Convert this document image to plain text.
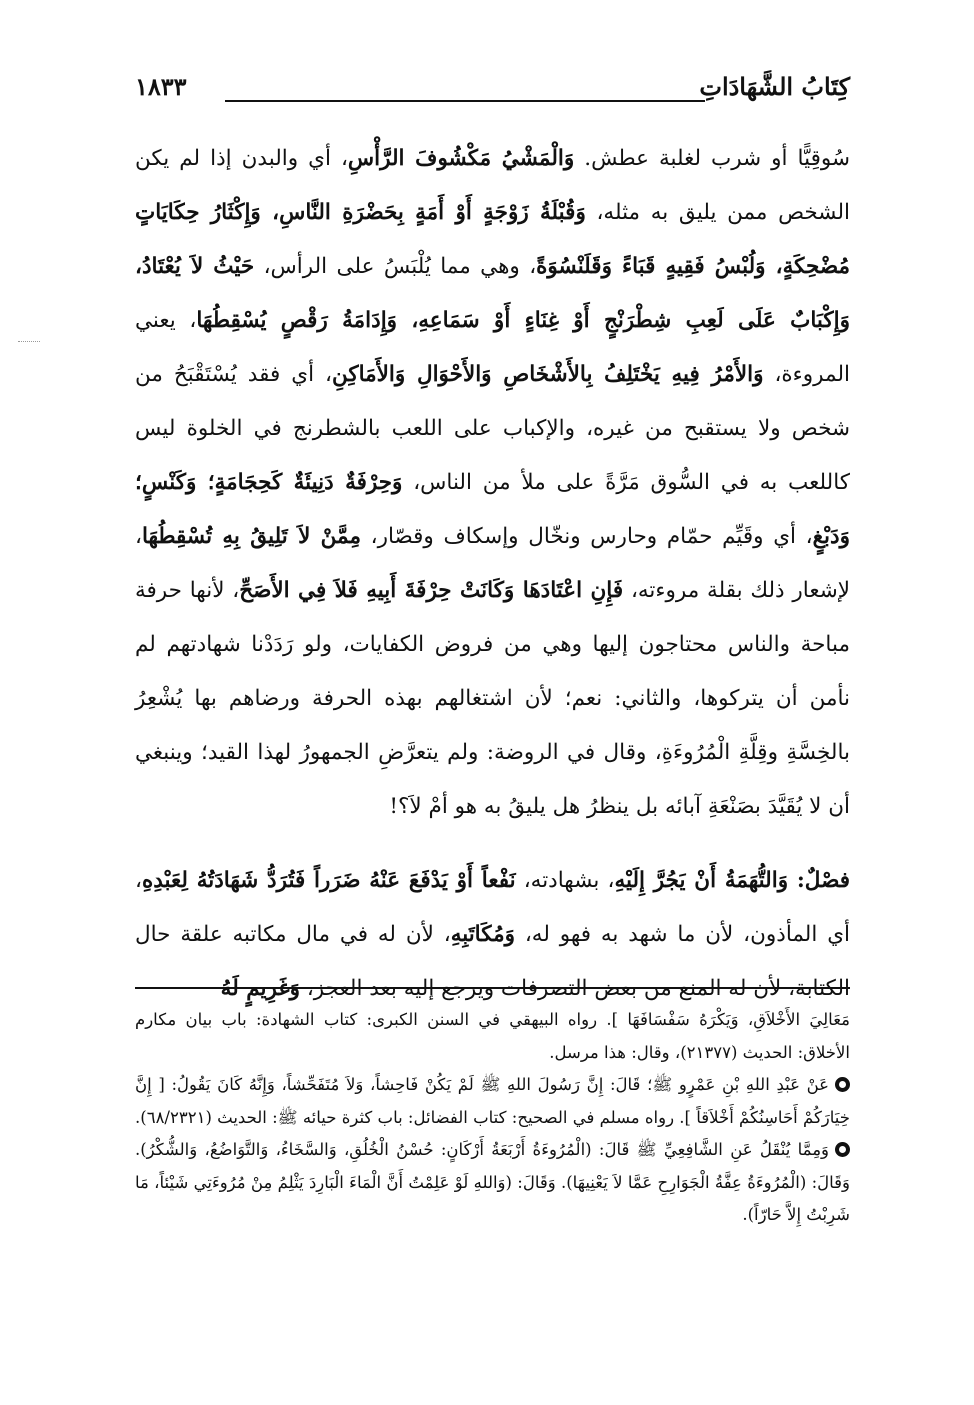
كِتَابُ الشَّهَادَاتِ
١٨٣٣

سُوقِيًّا أو شرب لغلبة عطش. وَالْمَشْيُ مَكْشُوفَ الرَّأْسِ، أي والبدن إذا لم يكن الشخص ممن يليق به مثله، وَقُبْلَةُ زَوْجَةٍ أَوْ أَمَةٍ بِحَضْرَةِ النَّاسِ، وَإِكْثَارُ حِكَايَاتٍ مُضْحِكَةٍ، وَلُبْسُ فَقِيهٍ قَبَاءً وَقَلَنْسُوَةً، وهي مما يُلْبَسُ على الرأس، حَيْثُ لاَ يُعْتَادُ، وَإِكْبَابٌ عَلَى لَعِبِ شِطْرَنْجٍ أَوْ غِنَاءٍ أَوْ سَمَاعِهِ، وَإِدَامَةُ رَقْصٍ يُسْقِطُهَا، يعني المروءة، وَالأَمْرُ فِيهِ يَخْتَلِفُ بِالأَشْخَاصِ وَالأَحْوَالِ وَالأَمَاكِنِ، أي فقد يُسْتَقْبَحُ من شخص ولا يستقبح من غيره، والإكباب على اللعب بالشطرنج في الخلوة ليس كاللعب به في السُّوق مَرَّةً على ملأ من الناس، وَحِرْفَةٌ دَنِيئَةٌ كَحِجَامَةٍ؛ وَكَنْسٍ؛ وَدَبْغٍ، أي وقَيِّم حمّام وحارس ونخّال وإسكاف وقصّار، مِمَّنْ لاَ تَلِيقُ بِهِ تُسْقِطُهَا، لإشعار ذلك بقلة مروءته، فَإِنِ اعْتَادَهَا وَكَانَتْ حِرْفَةَ أَبِيهِ فَلاَ فِي الأَصَحِّ، لأنها حرفة مباحة والناس محتاجون إليها وهي من فروض الكفايات، ولو رَدَدْنا شهادتهم لم نأمن أن يتركوها، والثاني: نعم؛ لأن اشتغالهم بهذه الحرفة ورضاهم بها يُشْعِرُ بالخِسَّةِ وقِلَّةِ الْمُرُوءَةِ، وقال في الروضة: ولم يتعرَّضِ الجمهورُ لهذا القيد؛ وينبغي أن لا يُقَيَّدَ بصَنْعَةِ آبائه بل ينظرُ هل يليقُ به هو أمْ لاَ؟!

فصْلٌ: وَالتُّهَمَةُ أَنْ يَجُرَّ إِلَيْهِ، بشهادته، نَفْعاً أَوْ يَدْفَعَ عَنْهُ ضَرَراً فَتُرَدُّ شَهَادَتُهُ لِعَبْدِهِ، أي المأذون، لأن ما شهد به فهو له، وَمُكَاتَبِهِ، لأن له في مال مكاتبه علقة حال الكتابة، لأن له المنع من بعض التصرفات ويرجع إليه بعد العجز، وَغَرِيمٍ لَهُ

مَعَالِيَ الأَخْلاَقِ، وَيَكْرَهُ سَفْسَافَهَا ]. رواه البيهقي في السنن الكبرى: كتاب الشهادة: باب بيان مكارم الأخلاق: الحديث (٢١٣٧٧)، وقال: هذا مرسل.

عَنْ عَبْدِ اللهِ بْنِ عَمْرٍو ﷺ؛ قَالَ: إِنَّ رَسُولَ اللهِ ﷺ لَمْ يَكُنْ فَاحِشاً، وَلاَ مُتَفَحِّشاً، وَإِنَّهُ كَانَ يَقُولُ: [ إِنَّ خِيَارَكُمْ أَحَاسِنُكُمْ أَخْلاَقاً ]. رواه مسلم في الصحيح: كتاب الفضائل: باب كثرة حيائه ﷺ: الحديث (٦٨/٢٣٢١).

وَمِمَّا يُنْقَلُ عَنِ الشَّافِعِيِّ ﷺ قَالَ: (الْمُرُوءَةُ أَرْبَعَةُ أَرْكَانٍ: حُسْنُ الْخُلُقِ، وَالسَّخَاءُ، وَالتَّوَاضُعُ، وَالشُّكْرُ). وَقَالَ: (الْمُرُوءَةُ عِفَّةُ الْجَوَارِحِ عَمَّا لاَ يَعْنِيهَا). وَقَالَ: (وَاللهِ لَوْ عَلِمْتُ أَنَّ الْمَاءَ الْبَارِدَ يَثْلِمُ مِنْ مُرُوءَتِي شَيْئاً، مَا شَرِبْتُ إِلاَّ حَارّاً).
